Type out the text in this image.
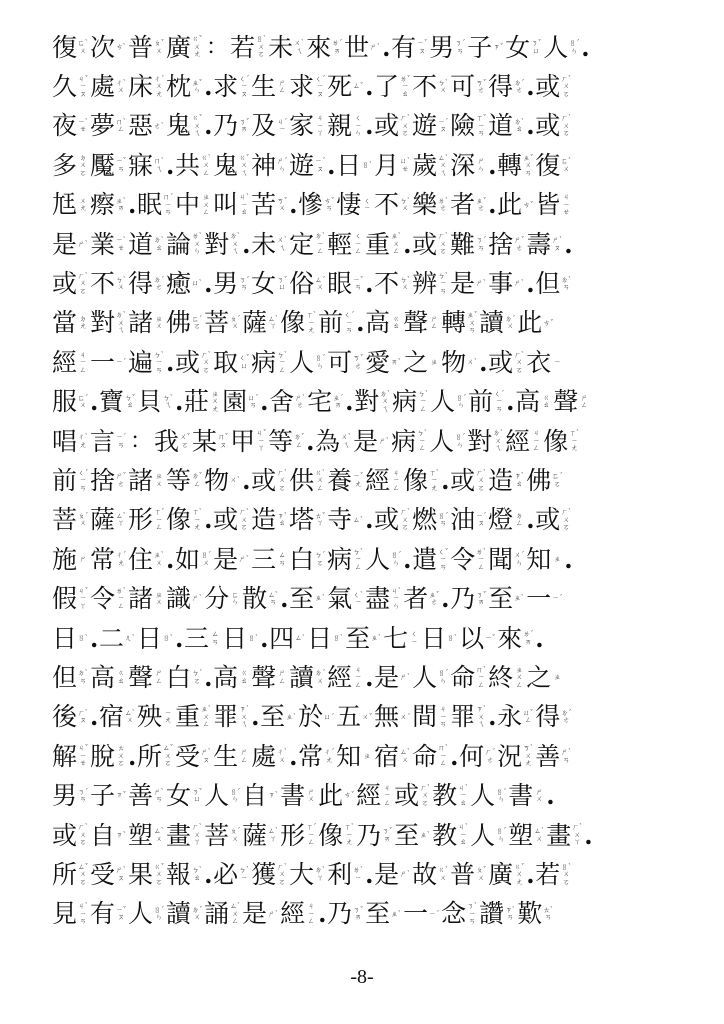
復 ㄈˋ
ㄨ 次 ㄘˋ 普 ㄆˇ
ㄨ 廣 ㄍˇ
ㄨ
ㄤ ： 若 ㄖˋ
ㄨ
ㄛ 未 ㄨˋ
ㄟ 來 ㄌˊ
ㄞ 世 ㄕˋ . 有 ㄧˇ
ㄡ 男 ㄋˊ
ㄢ 子 ㄗˇ 女 ㄋˇ
ㄩ 人 ㄖˊ
ㄣ .
久 ㄐˇ
ㄧ
ㄡ 處 ㄔˋ
ㄨ 床 ㄔˊ
ㄨ
ㄤ 枕 ㄓˇ
ㄣ . 求 ㄑˊ
ㄧ
ㄡ 生 ㄕ
ㄥ 求 ㄑˊ
ㄧ
ㄡ 死 ㄙˇ . 了 ㄌˇ
ㄧ
ㄠ 不 ㄅˋ
ㄨ 可 ㄎˇ
ㄜ 得 ㄉˊ
ㄜ . 或 ㄏˋ
ㄨ
ㄛ
夜 ㄧˋ
ㄝ 夢 ㄇˋ
ㄥ 惡 ㄜˋ 鬼 ㄍˇ
ㄨ
ㄟ . 乃 ㄋˇ
ㄞ 及 ㄐˊ
ㄧ 家 ㄐ
ㄧ
ㄚ 親 ㄑ
ㄧ
ㄣ . 或 ㄏˋ
ㄨ
ㄛ 遊 ㄧˊ
ㄡ 險 ㄒˇ
ㄧ
ㄢ 道 ㄉˋ
ㄠ . 或 ㄏˋ
ㄨ
ㄛ
多 ㄉ
ㄨ
ㄛ 魘 ㄧˇ
ㄢ 寐 ㄇˋ
ㄟ . 共 ㄍˋ
ㄨ
ㄥ 鬼 ㄍˇ
ㄨ
ㄟ 神 ㄕˊ
ㄣ 遊 ㄧˊ
ㄡ . 日 ㄖˋ 月 ㄩˋ
ㄝ 歲 ㄙˋ
ㄨ
ㄟ 深 ㄕ
ㄣ . 轉 ㄓˇ
ㄨ
ㄢ 復 ㄈˋ
ㄨ
尪 ㄨ
ㄤ 瘵 ㄓˋ
ㄞ . 眠 ㄇˊ
ㄧ
ㄢ 中 ㄓ
ㄨ
ㄥ 叫 ㄐˋ
ㄧ
ㄠ 苦 ㄎˇ
ㄨ . 慘 ㄘˇ
ㄢ 悽 ㄑ
ㄧ 不 ㄅˋ
ㄨ 樂 ㄌˋ
ㄜ 者 ㄓˇ
ㄜ . 此 ㄘˇ 皆 ㄐ
ㄧ
ㄝ
是 ㄕˋ 業 ㄧˋ
ㄝ 道 ㄉˋ
ㄠ 論 ㄌˋ
ㄨ
ㄣ 對 ㄉˋ
ㄨ
ㄟ . 未 ㄨˋ
ㄟ 定 ㄉˋ
ㄧ
ㄥ 輕 ㄑ
ㄧ
ㄥ 重 ㄓˋ
ㄨ
ㄥ . 或 ㄏˋ
ㄨ
ㄛ 難 ㄋˊ
ㄢ 捨 ㄕˇ
ㄜ 壽 ㄕˋ
ㄡ .
或 ㄏˋ
ㄨ
ㄛ 不 ㄅˋ
ㄨ 得 ㄉˊ
ㄜ 癒 ㄩˋ . 男 ㄋˊ
ㄢ 女 ㄋˇ
ㄩ 俗 ㄙˊ
ㄨ 眼 ㄧˇ
ㄢ . 不 ㄅˋ
ㄨ 辨 ㄅˋ
ㄧ
ㄢ 是 ㄕˋ 事 ㄕˋ . 但 ㄉˋ
ㄢ
當 ㄉ
ㄤ 對 ㄉˋ
ㄨ
ㄟ 諸 ㄓ
ㄨ 佛 ㄈˊ
ㄛ 菩 ㄆˊ
ㄨ 薩 ㄙˋ
ㄚ 像 ㄒˋ
ㄧ
ㄤ 前 ㄑˊ
ㄧ
ㄢ . 高 ㄍ
ㄠ 聲 ㄕ
ㄥ 轉 ㄓˇ
ㄨ
ㄢ 讀 ㄉˊ
ㄨ 此 ㄘˇ
經 ㄐ
ㄧ
ㄥ 一 ㄧˊ 遍 ㄅˋ
ㄧ
ㄢ . 或 ㄏˋ
ㄨ
ㄛ 取 ㄑˇ
ㄩ 病 ㄅˋ
ㄧ
ㄥ 人 ㄖˊ
ㄣ 可 ㄎˇ
ㄜ 愛 ㄞˋ 之 ㄓ 物 ㄨˋ . 或 ㄏˋ
ㄨ
ㄛ 衣 ㄧ
服 ㄈˊ
ㄨ . 寶 ㄅˇ
ㄠ 貝 ㄅˋ
ㄟ . 莊 ㄓ
ㄨ
ㄤ 園 ㄩˊ
ㄢ . 舍 ㄕˋ
ㄜ 宅 ㄓˊ
ㄞ . 對 ㄉˋ
ㄨ
ㄟ 病 ㄅˋ
ㄧ
ㄥ 人 ㄖˊ
ㄣ 前 ㄑˊ
ㄧ
ㄢ . 高 ㄍ
ㄠ 聲 ㄕ
ㄥ
唱 ㄔˋ
ㄤ 言 ㄧˊ
ㄢ ： 我 ㄨˇ
ㄛ 某 ㄇˇ
ㄡ 甲 ㄐˇ
ㄧ
ㄚ 等 ㄉˇ
ㄥ . 為 ㄨˋ
ㄟ 是 ㄕˋ 病 ㄅˋ
ㄧ
ㄥ 人 ㄖˊ
ㄣ 對 ㄉˋ
ㄨ
ㄟ 經 ㄐ
ㄧ
ㄥ 像 ㄒˋ
ㄧ
ㄤ
前 ㄑˊ
ㄧ
ㄢ 捨 ㄕˇ
ㄜ 諸 ㄓ
ㄨ 等 ㄉˇ
ㄥ 物 ㄨˋ . 或 ㄏˋ
ㄨ
ㄛ 供 ㄍˋ
ㄨ
ㄥ 養 ㄧˇ
ㄤ 經 ㄐ
ㄧ
ㄥ 像 ㄒˋ
ㄧ
ㄤ . 或 ㄏˋ
ㄨ
ㄛ 造 ㄗˋ
ㄠ 佛 ㄈˊ
ㄛ
菩 ㄆˊ
ㄨ 薩 ㄙˋ
ㄚ 形 ㄒˊ
ㄧ
ㄥ 像 ㄒˋ
ㄧ
ㄤ . 或 ㄏˋ
ㄨ
ㄛ 造 ㄗˋ
ㄠ 塔 ㄊˇ
ㄚ 寺 ㄙˋ . 或 ㄏˋ
ㄨ
ㄛ 燃 ㄖˊ
ㄢ 油 ㄧˊ
ㄡ 燈 ㄉ
ㄥ . 或 ㄏˋ
ㄨ
ㄛ
施 ㄕ 常 ㄔˊ
ㄤ 住 ㄓˋ
ㄨ . 如 ㄖˊ
ㄨ 是 ㄕˋ 三 ㄙ
ㄢ 白 ㄅˊ
ㄛ 病 ㄅˋ
ㄧ
ㄥ 人 ㄖˊ
ㄣ . 遣 ㄑˇ
ㄧ
ㄢ 令 ㄌˋ
ㄧ
ㄥ 聞 ㄨˊ
ㄣ 知 ㄓ .
假 ㄐˇ
ㄧ
ㄚ 令 ㄌˋ
ㄧ
ㄥ 諸 ㄓ
ㄨ 識 ㄕˋ 分 ㄈ
ㄣ 散 ㄙˋ
ㄢ . 至 ㄓˋ 氣 ㄑˋ
ㄧ 盡 ㄐˋ
ㄧ
ㄣ 者 ㄓˇ
ㄜ . 乃 ㄋˇ
ㄞ 至 ㄓˋ 一 ㄧˊ
日 ㄖˋ . 二 ㄦˋ 日 ㄖˋ . 三 ㄙ
ㄢ 日 ㄖˋ . 四 ㄙˋ 日 ㄖˋ 至 ㄓˋ 七 ㄑ
ㄧ 日 ㄖˋ 以 ㄧˇ 來 ㄌˊ
ㄞ .
但 ㄉˋ
ㄢ 高 ㄍ
ㄠ 聲 ㄕ
ㄥ 白 ㄅˊ
ㄛ . 高 ㄍ
ㄠ 聲 ㄕ
ㄥ 讀 ㄉˊ
ㄨ 經 ㄐ
ㄧ
ㄥ . 是 ㄕˋ 人 ㄖˊ
ㄣ 命 ㄇˋ
ㄧ
ㄥ 終 ㄓ
ㄨ
ㄥ 之 ㄓ
後 ㄏˋ
ㄡ . 宿 ㄙˋ
ㄨ 殃 ㄧ
ㄤ 重 ㄓˋ
ㄨ
ㄥ 罪 ㄗˋ
ㄨ
ㄟ . 至 ㄓˋ 於 ㄩˊ 五 ㄨˇ 無 ㄨˊ 間 ㄐ
ㄧ
ㄢ 罪 ㄗˋ
ㄨ
ㄟ . 永 ㄩˇ
ㄥ 得 ㄉˊ
ㄜ
解 ㄐˇ
ㄧ
ㄝ 脫 ㄊ
ㄨ
ㄛ . 所 ㄙˇ
ㄨ
ㄛ 受 ㄕˋ
ㄡ 生 ㄕ
ㄥ 處 ㄔˋ
ㄨ . 常 ㄔˊ
ㄤ 知 ㄓ 宿 ㄙˋ
ㄨ 命 ㄇˋ
ㄧ
ㄥ . 何 ㄏˊ
ㄜ 況 ㄎˋ
ㄨ
ㄤ 善 ㄕˋ
ㄢ
男 ㄋˊ
ㄢ 子 ㄗˇ 善 ㄕˋ
ㄢ 女 ㄋˇ
ㄩ 人 ㄖˊ
ㄣ 自 ㄗˋ 書 ㄕ
ㄨ 此 ㄘˇ 經 ㄐ
ㄧ
ㄥ 或 ㄏˋ
ㄨ
ㄛ 教 ㄐˋ
ㄧ
ㄠ 人 ㄖˊ
ㄣ 書 ㄕ
ㄨ .
或 ㄏˋ
ㄨ
ㄛ 自 ㄗˋ 塑 ㄙˋ
ㄨ 畫 ㄏˋ
ㄨ
ㄚ 菩 ㄆˊ
ㄨ 薩 ㄙˋ
ㄚ 形 ㄒˊ
ㄧ
ㄥ 像 ㄒˋ
ㄧ
ㄤ 乃 ㄋˇ
ㄞ 至 ㄓˋ 教 ㄐˋ
ㄧ
ㄠ 人 ㄖˊ
ㄣ 塑 ㄙˋ
ㄨ 畫 ㄏˋ
ㄨ
ㄚ .
所 ㄙˇ
ㄨ
ㄛ 受 ㄕˋ
ㄡ 果 ㄍˇ
ㄨ
ㄛ 報 ㄅˋ
ㄠ . 必 ㄅˋ
ㄧ 獲 ㄏˋ
ㄨ
ㄛ 大 ㄉˋ
ㄚ 利 ㄌˋ
ㄧ . 是 ㄕˋ 故 ㄍˋ
ㄨ 普 ㄆˇ
ㄨ 廣 ㄍˇ
ㄨ
ㄤ . 若 ㄖˋ
ㄨ
ㄛ
見 ㄐˋ
ㄧ
ㄢ 有 ㄧˇ
ㄡ 人 ㄖˊ
ㄣ 讀 ㄉˊ
ㄨ 誦 ㄙˋ
ㄨ
ㄥ 是 ㄕˋ 經 ㄐ
ㄧ
ㄥ . 乃 ㄋˇ
ㄞ 至 ㄓˋ 一 ㄧˊ 念 ㄋˋ
ㄧ
ㄢ 讚 ㄗˋ
ㄢ 歎 ㄊˋ
ㄢ
-8-
